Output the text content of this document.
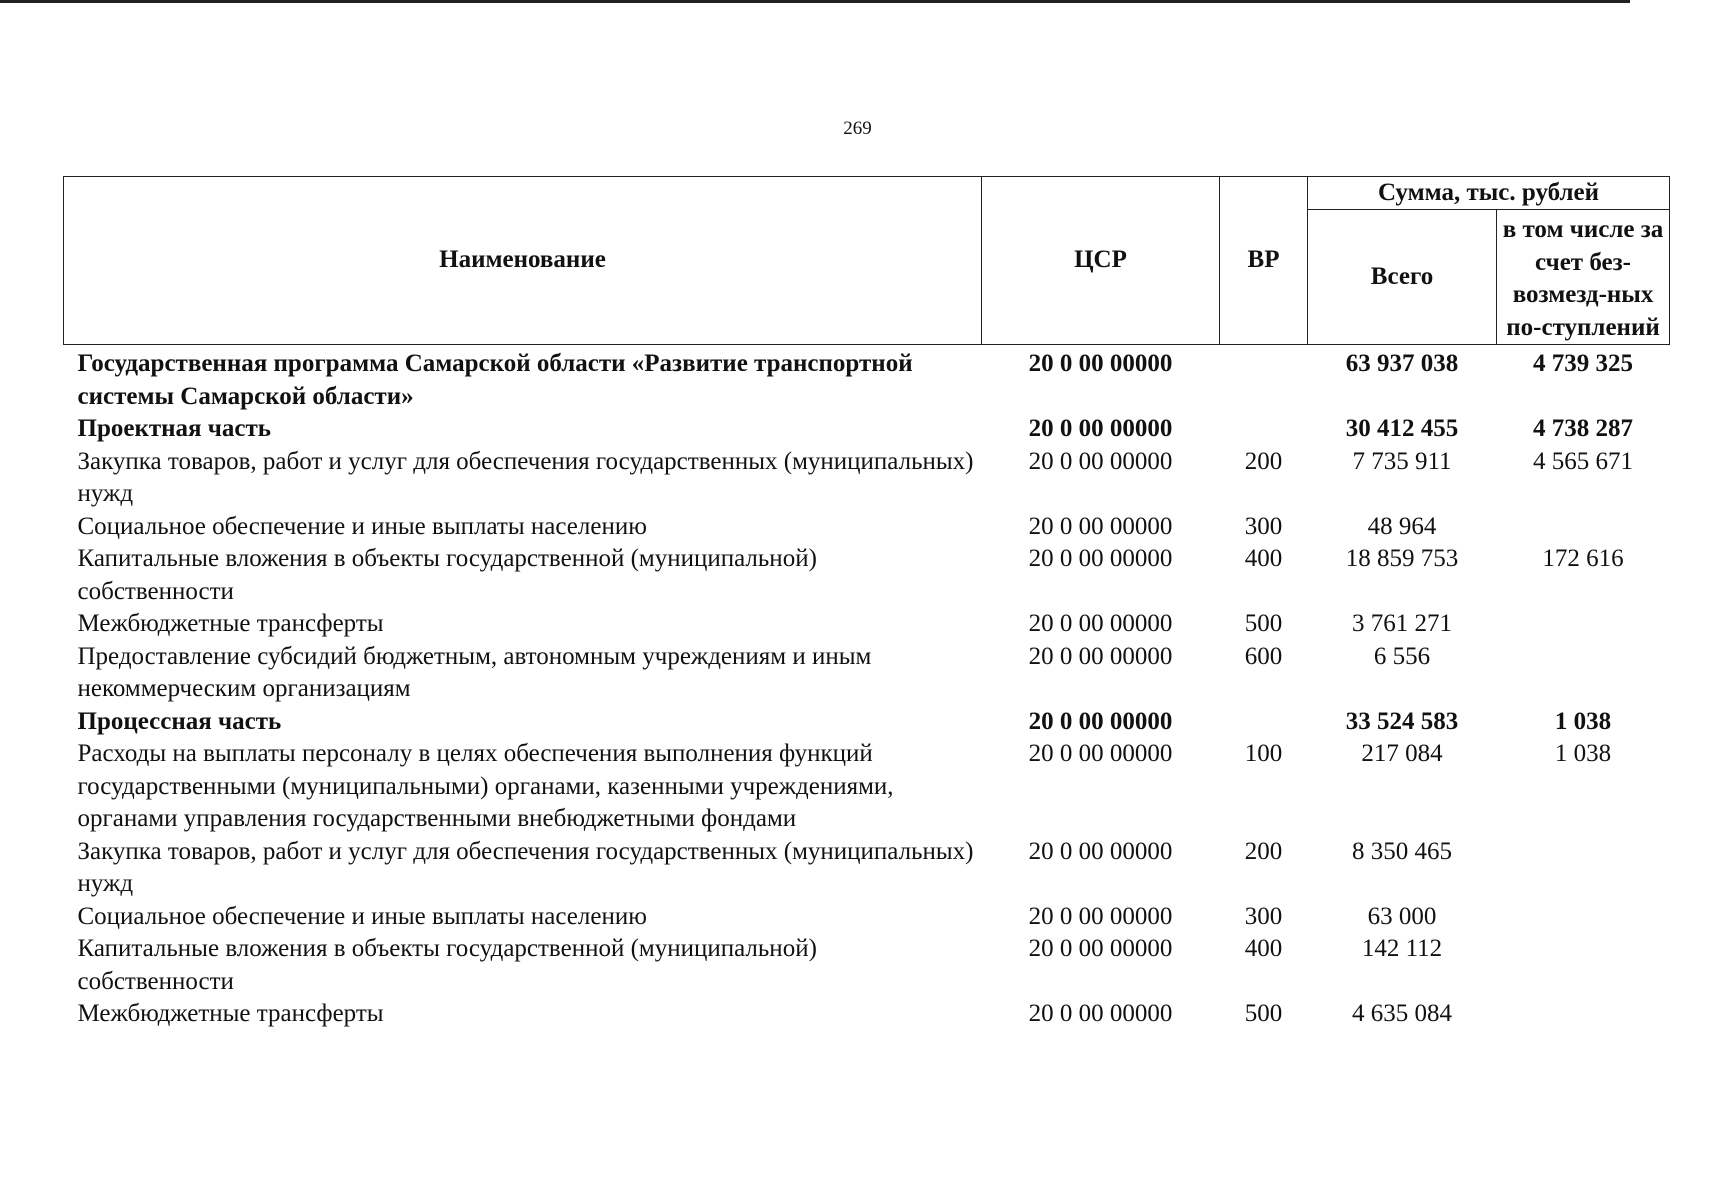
269
Наименование	ЦСР	ВР	Сумма, тыс. рублей	
			Всего	в том числе за счет без-возмезд-ных по-ступлений
Государственная программа Самарской области «Развитие транспортной системы Самарской области»	20 0 00 00000		63 937 038	4 739 325
Проектная часть	20 0 00 00000		30 412 455	4 738 287
Закупка товаров, работ и услуг для обеспечения государственных (муниципальных) нужд	20 0 00 00000	200	7 735 911	4 565 671
Социальное обеспечение и иные выплаты населению	20 0 00 00000	300	48 964	
Капитальные вложения в объекты государственной (муниципальной) собственности	20 0 00 00000	400	18 859 753	172 616
Межбюджетные трансферты	20 0 00 00000	500	3 761 271	
Предоставление субсидий бюджетным, автономным учреждениям и иным некоммерческим организациям	20 0 00 00000	600	6 556	
Процессная часть	20 0 00 00000		33 524 583	1 038
Расходы на выплаты персоналу в целях обеспечения выполнения функций государственными (муниципальными) органами, казенными учреждениями, органами управления государственными внебюджетными фондами	20 0 00 00000	100	217 084	1 038
Закупка товаров, работ и услуг для обеспечения государственных (муниципальных) нужд	20 0 00 00000	200	8 350 465	
Социальное обеспечение и иные выплаты населению	20 0 00 00000	300	63 000	
Капитальные вложения в объекты государственной (муниципальной) собственности	20 0 00 00000	400	142 112	
Межбюджетные трансферты	20 0 00 00000	500	4 635 084	
